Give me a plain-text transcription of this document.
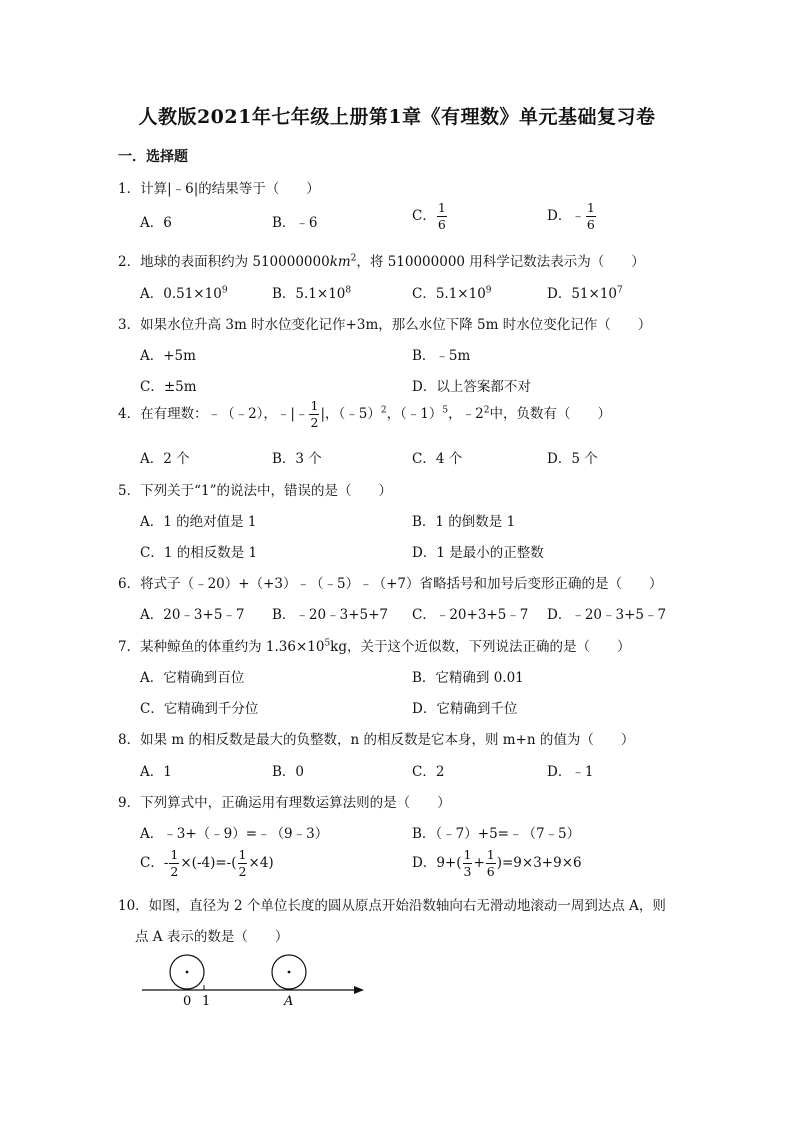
人教版2021年七年级上册第1章《有理数》单元基础复习卷
一．选择题
1．计算|﹣6|的结果等于（　　）
A．6	B．﹣6	C． $\frac{1}{6}$	D．﹣ $\frac{1}{6}$
2．地球的表面积约为 $510000000km^2$，将 510000000 用科学记数法表示为（　　）
A．$0.51\times 10^9$	B．$5.1\times 10^8$	C．$5.1\times 10^9$	D．$51\times 10^7$
3．如果水位升高 3m 时水位变化记作+3m，那么水位下降 5m 时水位变化记作（　　）
A．+5m	B．﹣5m
C．±5m	D．以上答案都不对
4．在有理数：﹣（﹣2），﹣|﹣ $\frac{1}{2}$ |，（﹣5）$^2$，（﹣1）$^5$，$﹣2^2$中，负数有（　　）
A．2 个	B．3 个	C．4 个	D．5 个
5．下列关于“1”的说法中，错误的是（　　）
A．1 的绝对值是 1	B．1 的倒数是 1
C．1 的相反数是 1	D．1 是最小的正整数
6．将式子（﹣20）+（+3）﹣（﹣5）﹣（+7）省略括号和加号后变形正确的是（　　）
A．20﹣3+5﹣7 B．﹣20﹣3+5+7 C．﹣20+3+5﹣7 D．﹣20﹣3+5﹣7
7．某种鲸鱼的体重约为 $1.36\times 10^5kg$，关于这个近似数，下列说法正确的是（　　）
A．它精确到百位	B．它精确到 0.01
C．它精确到千分位	D．它精确到千位
8．如果 m 的相反数是最大的负整数，n 的相反数是它本身，则 m+n 的值为（　　）
A．1	B．0	C．2	D．﹣1
9．下列算式中，正确运用有理数运算法则的是（　　）
A．﹣3+（﹣9）=﹣（9﹣3）	B．（﹣7）+5=﹣（7﹣5）
C．- $\frac{1}{2} \times(-4)=-( \frac{1}{2} \times 4)$	D．$9+( \frac{1}{3} + \frac{1}{6} )=9\times 3+9\times 6$
10．如图，直径为 2 个单位长度的圆从原点开始沿数轴向右无滑动地滚动一周到达点 A，则
点 A 表示的数是（　　）
0 1	A
